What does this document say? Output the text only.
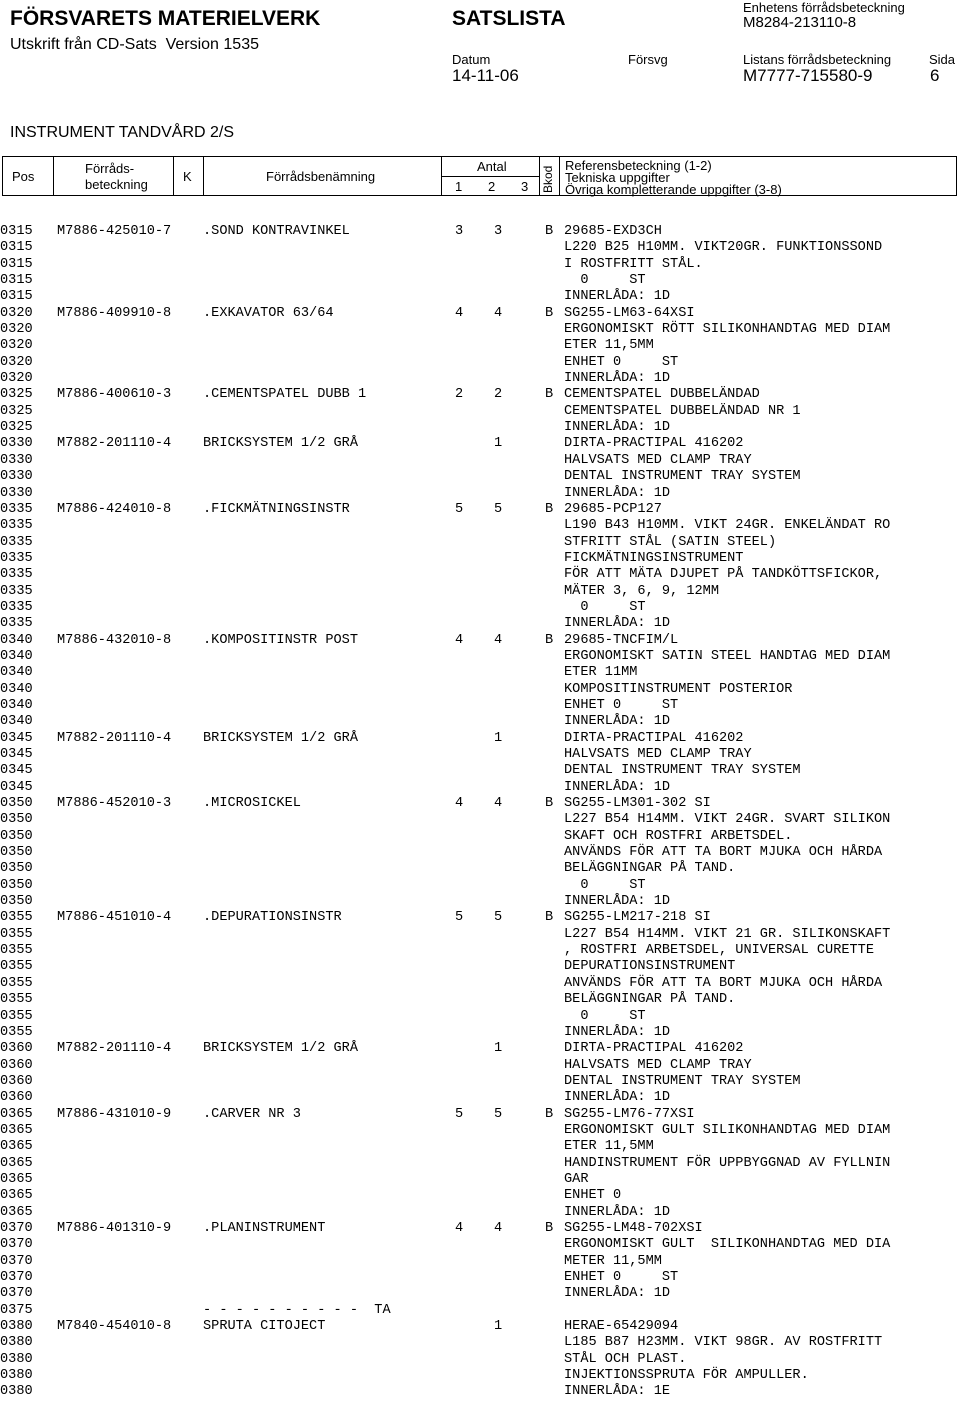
FÖRSVARETS MATERIELVERK	SATSLISTA	Enhetens förrådsbeteckning
M8284-213110-8
Utskrift från CD-Sats  Version 1535
Datum
14-11-06
Försvg	Listans förrådsbeteckning
M7777-715580-9
Sida
6
INSTRUMENT TANDVÅRD 2/S
Pos
Förråds-
beteckning
K	Förrådsbenämning
Antal
1 2 3 Bkod
Referensbeteckning (1-2)
Tekniska uppgifter
Övriga kompletterande uppgifter (3-8)
0315 M7886-425010-7 .SOND KONTRAVINKEL	3 3	B 29685-EXD3CH
0315	L220 B25 H10MM. VIKT20GR. FUNKTIONSSOND
0315	I ROSTFRITT STÅL.
0315	0     ST
0315	INNERLÅDA: 1D
0320 M7886-409910-8 .EXKAVATOR 63/64	4 4	B SG255-LM63-64XSI
0320	ERGONOMISKT RÖTT SILIKONHANDTAG MED DIAM
0320	ETER 11,5MM
0320	ENHET 0     ST
0320	INNERLÅDA: 1D
0325 M7886-400610-3 .CEMENTSPATEL DUBB 1	2 2	B CEMENTSPATEL DUBBELÄNDAD
0325	CEMENTSPATEL DUBBELÄNDAD NR 1
0325	INNERLÅDA: 1D
0330 M7882-201110-4 BRICKSYSTEM 1/2 GRÅ	1	DIRTA-PRACTIPAL 416202
0330	HALVSATS MED CLAMP TRAY
0330	DENTAL INSTRUMENT TRAY SYSTEM
0330	INNERLÅDA: 1D
0335 M7886-424010-8 .FICKMÄTNINGSINSTR	5 5	B 29685-PCP127
0335	L190 B43 H10MM. VIKT 24GR. ENKELÄNDAT RO
0335	STFRITT STÅL (SATIN STEEL)
0335	FICKMÄTNINGSINSTRUMENT
0335	FÖR ATT MÄTA DJUPET PÅ TANDKÖTTSFICKOR,
0335	MÄTER 3, 6, 9, 12MM
0335	0     ST
0335	INNERLÅDA: 1D
0340 M7886-432010-8 .KOMPOSITINSTR POST	4 4	B 29685-TNCFIM/L
0340	ERGONOMISKT SATIN STEEL HANDTAG MED DIAM
0340	ETER 11MM
0340	KOMPOSITINSTRUMENT POSTERIOR
0340	ENHET 0     ST
0340	INNERLÅDA: 1D
0345 M7882-201110-4 BRICKSYSTEM 1/2 GRÅ	1	DIRTA-PRACTIPAL 416202
0345	HALVSATS MED CLAMP TRAY
0345	DENTAL INSTRUMENT TRAY SYSTEM
0345	INNERLÅDA: 1D
0350 M7886-452010-3 .MICROSICKEL	4 4	B SG255-LM301-302 SI
0350	L227 B54 H14MM. VIKT 24GR. SVART SILIKON
0350	SKAFT OCH ROSTFRI ARBETSDEL.
0350	ANVÄNDS FÖR ATT TA BORT MJUKA OCH HÅRDA
0350	BELÄGGNINGAR PÅ TAND.
0350	0     ST
0350	INNERLÅDA: 1D
0355 M7886-451010-4 .DEPURATIONSINSTR	5 5	B SG255-LM217-218 SI
0355	L227 B54 H14MM. VIKT 21 GR. SILIKONSKAFT
0355	, ROSTFRI ARBETSDEL, UNIVERSAL CURETTE
0355	DEPURATIONSINSTRUMENT
0355	ANVÄNDS FÖR ATT TA BORT MJUKA OCH HÅRDA
0355	BELÄGGNINGAR PÅ TAND.
0355	0     ST
0355	INNERLÅDA: 1D
0360 M7882-201110-4 BRICKSYSTEM 1/2 GRÅ	1	DIRTA-PRACTIPAL 416202
0360	HALVSATS MED CLAMP TRAY
0360	DENTAL INSTRUMENT TRAY SYSTEM
0360	INNERLÅDA: 1D
0365 M7886-431010-9 .CARVER NR 3	5 5	B SG255-LM76-77XSI
0365	ERGONOMISKT GULT SILIKONHANDTAG MED DIAM
0365	ETER 11,5MM
0365	HANDINSTRUMENT FÖR UPPBYGGNAD AV FYLLNIN
0365	GAR
0365	ENHET 0
0365	INNERLÅDA: 1D
0370 M7886-401310-9 .PLANINSTRUMENT	4 4	B SG255-LM48-702XSI
0370	ERGONOMISKT GULT  SILIKONHANDTAG MED DIA
0370	METER 11,5MM
0370	ENHET 0     ST
0370	INNERLÅDA: 1D
0375	- - - - - - - - - -  TA
0380 M7840-454010-8 SPRUTA CITOJECT	1	HERAE-65429094
0380	L185 B87 H23MM. VIKT 98GR. AV ROSTFRITT
0380	STÅL OCH PLAST.
0380	INJEKTIONSSPRUTA FÖR AMPULLER.
0380	INNERLÅDA: 1E
